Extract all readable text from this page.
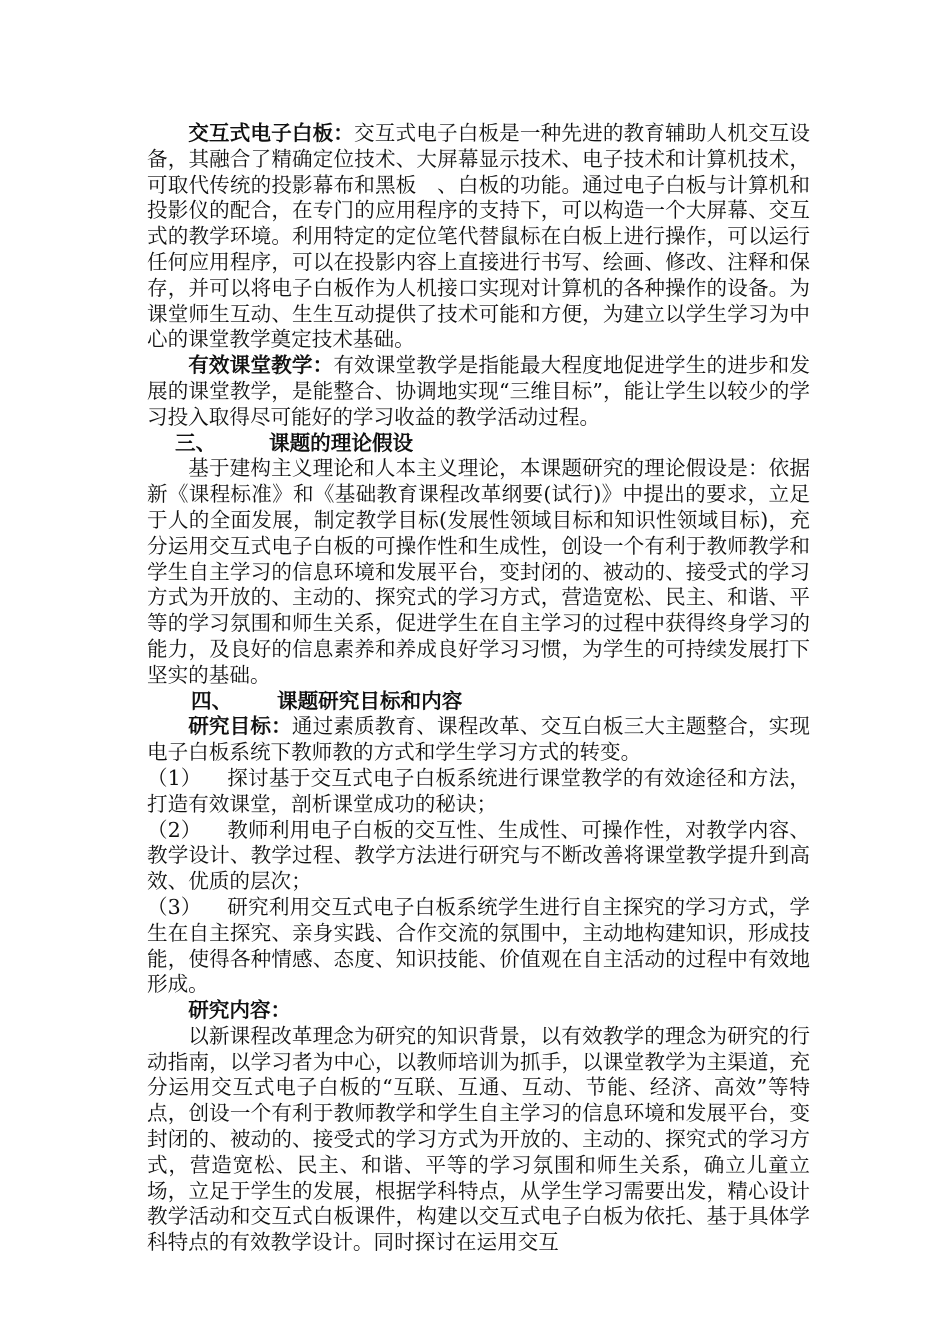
交互式电子白板：交互式电子白板是一种先进的教育辅助人机交互设备，其融合了精确定位技术、大屏幕显示技术、电子技术和计算机技术，可取代传统的投影幕布和黑板　、白板的功能。通过电子白板与计算机和投影仪的配合，在专门的应用程序的支持下，可以构造一个大屏幕、交互式的教学环境。利用特定的定位笔代替鼠标在白板上进行操作，可以运行任何应用程序，可以在投影内容上直接进行书写、绘画、修改、注释和保存，并可以将电子白板作为人机接口实现对计算机的各种操作的设备。为课堂师生互动、生生互动提供了技术可能和方便，为建立以学生学习为中心的课堂教学奠定技术基础。

有效课堂教学：有效课堂教学是指能最大程度地促进学生的进步和发展的课堂教学，是能整合、协调地实现“三维目标”，能让学生以较少的学习投入取得尽可能好的学习收益的教学活动过程。

三、	课题的理论假设

基于建构主义理论和人本主义理论，本课题研究的理论假设是：依据新《课程标准》和《基础教育课程改革纲要(试行)》中提出的要求，立足于人的全面发展，制定教学目标(发展性领域目标和知识性领域目标)，充分运用交互式电子白板的可操作性和生成性，创设一个有利于教师教学和学生自主学习的信息环境和发展平台，变封闭的、被动的、接受式的学习方式为开放的、主动的、探究式的学习方式，营造宽松、民主、和谐、平等的学习氛围和师生关系，促进学生在自主学习的过程中获得终身学习的能力，及良好的信息素养和养成良好学习习惯，为学生的可持续发展打下坚实的基础。

四、 课题研究目标和内容

研究目标：通过素质教育、课程改革、交互白板三大主题整合，实现电子白板系统下教师教的方式和学生学习方式的转变。

（1） 探讨基于交互式电子白板系统进行课堂教学的有效途径和方法，打造有效课堂，剖析课堂成功的秘诀；

（2） 教师利用电子白板的交互性、生成性、可操作性，对教学内容、教学设计、教学过程、教学方法进行研究与不断改善将课堂教学提升到高效、优质的层次；

（3） 研究利用交互式电子白板系统学生进行自主探究的学习方式，学生在自主探究、亲身实践、合作交流的氛围中，主动地构建知识，形成技能，使得各种情感、态度、知识技能、价值观在自主活动的过程中有效地形成。

研究内容：

以新课程改革理念为研究的知识背景，以有效教学的理念为研究的行动指南，以学习者为中心，以教师培训为抓手，以课堂教学为主渠道，充分运用交互式电子白板的“互联、互通、互动、节能、经济、高效”等特点，创设一个有利于教师教学和学生自主学习的信息环境和发展平台，变封闭的、被动的、接受式的学习方式为开放的、主动的、探究式的学习方式，营造宽松、民主、和谐、平等的学习氛围和师生关系，确立儿童立场，立足于学生的发展，根据学科特点，从学生学习需要出发，精心设计教学活动和交互式白板课件，构建以交互式电子白板为依托、基于具体学科特点的有效教学设计。同时探讨在运用交互
